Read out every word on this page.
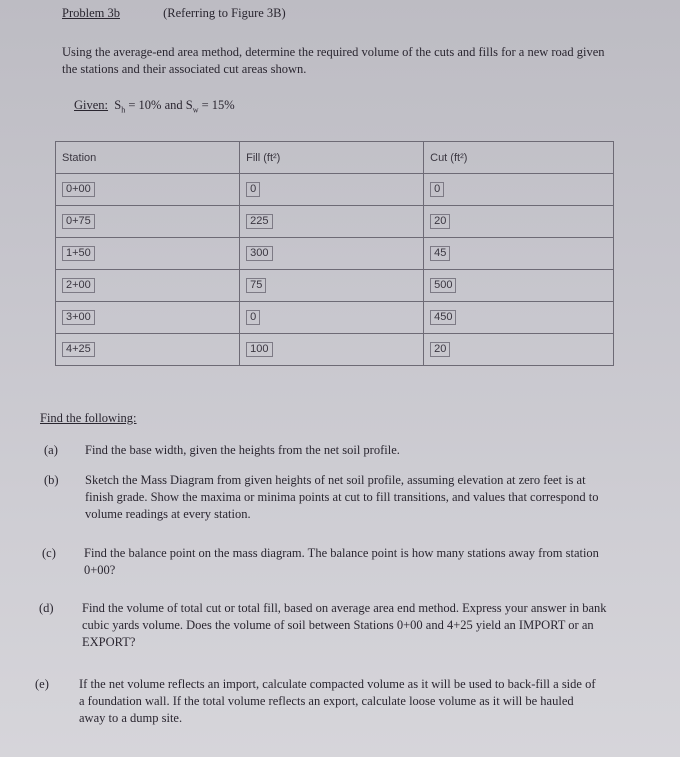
Problem 3b	(Referring to Figure 3B)
Using the average-end area method, determine the required volume of the cuts and fills for a new road given the stations and their associated cut areas shown.
Given: $S_h = 10\%$ and $S_w = 15\%$
Station	Fill (ft²)	Cut (ft²)
0+00	0	0
0+75	225	20
1+50	300	45
2+00	75	500
3+00	0	450
4+25	100	20
Find the following:
(a) Find the base width, given the heights from the net soil profile.
(b) Sketch the Mass Diagram from given heights of net soil profile, assuming elevation at zero feet is at finish grade. Show the maxima or minima points at cut to fill transitions, and values that correspond to volume readings at every station.
(c) Find the balance point on the mass diagram. The balance point is how many stations away from station 0+00?
(d) Find the volume of total cut or total fill, based on average area end method. Express your answer in bank cubic yards volume. Does the volume of soil between Stations 0+00 and 4+25 yield an IMPORT or an EXPORT?
(e) If the net volume reflects an import, calculate compacted volume as it will be used to back-fill a side of a foundation wall. If the total volume reflects an export, calculate loose volume as it will be hauled away to a dump site.
